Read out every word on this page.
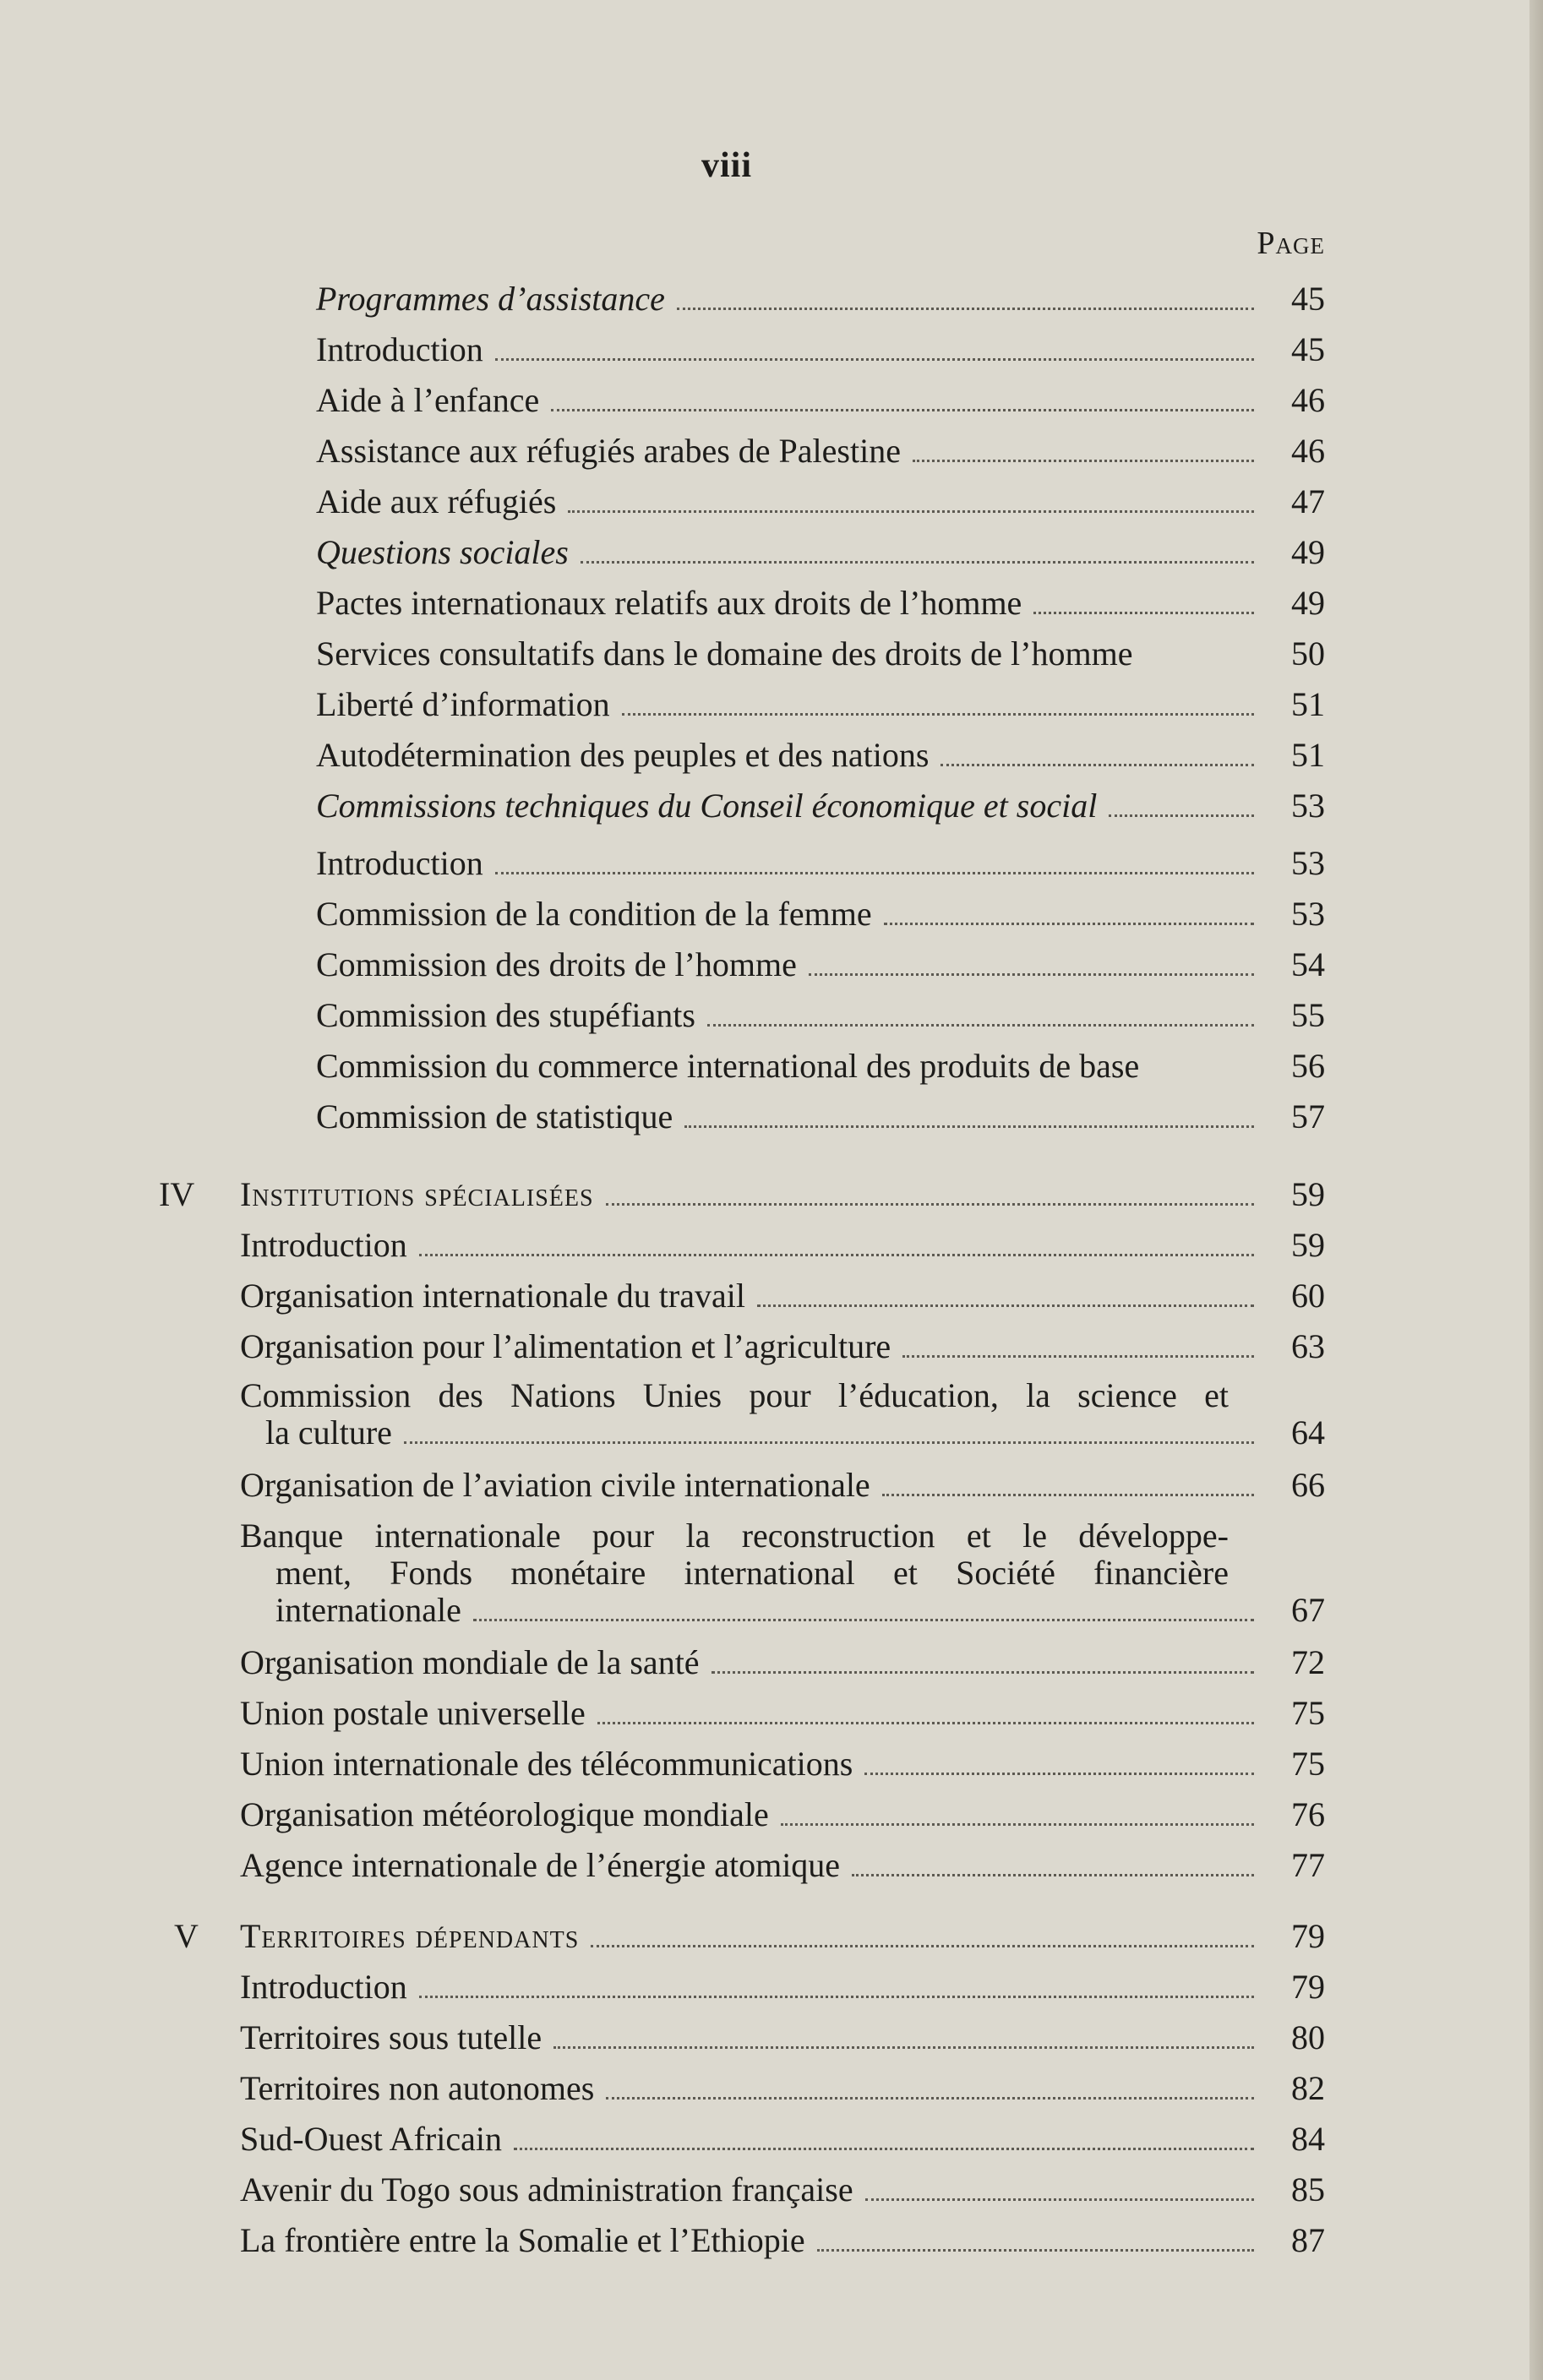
viii
Page
Programmes d’assistance	45
Introduction	45
Aide à l’enfance	46
Assistance aux réfugiés arabes de Palestine	46
Aide aux réfugiés	47
Questions sociales	49
Pactes internationaux relatifs aux droits de l’homme	49
Services consultatifs dans le domaine des droits de l’homme	50
Liberté d’information	51
Autodétermination des peuples et des nations	51
Commissions techniques du Conseil économique et social	53
Introduction	53
Commission de la condition de la femme	53
Commission des droits de l’homme	54
Commission des stupéfiants	55
Commission du commerce international des produits de base	56
Commission de statistique	57
IV	Institutions spécialisées	59
Introduction	59
Organisation internationale du travail	60
Organisation pour l’alimentation et l’agriculture	63
Commission des Nations Unies pour l’éducation, la science et
la culture	64
Organisation de l’aviation civile internationale	66
Banque internationale pour la reconstruction et le développe-
ment, Fonds monétaire international et Société financière
internationale	67
Organisation mondiale de la santé	72
Union postale universelle	75
Union internationale des télécommunications	75
Organisation météorologique mondiale	76
Agence internationale de l’énergie atomique	77
V	Territoires dépendants	79
Introduction	79
Territoires sous tutelle	80
Territoires non autonomes	82
Sud-Ouest Africain	84
Avenir du Togo sous administration française	85
La frontière entre la Somalie et l’Ethiopie	87
